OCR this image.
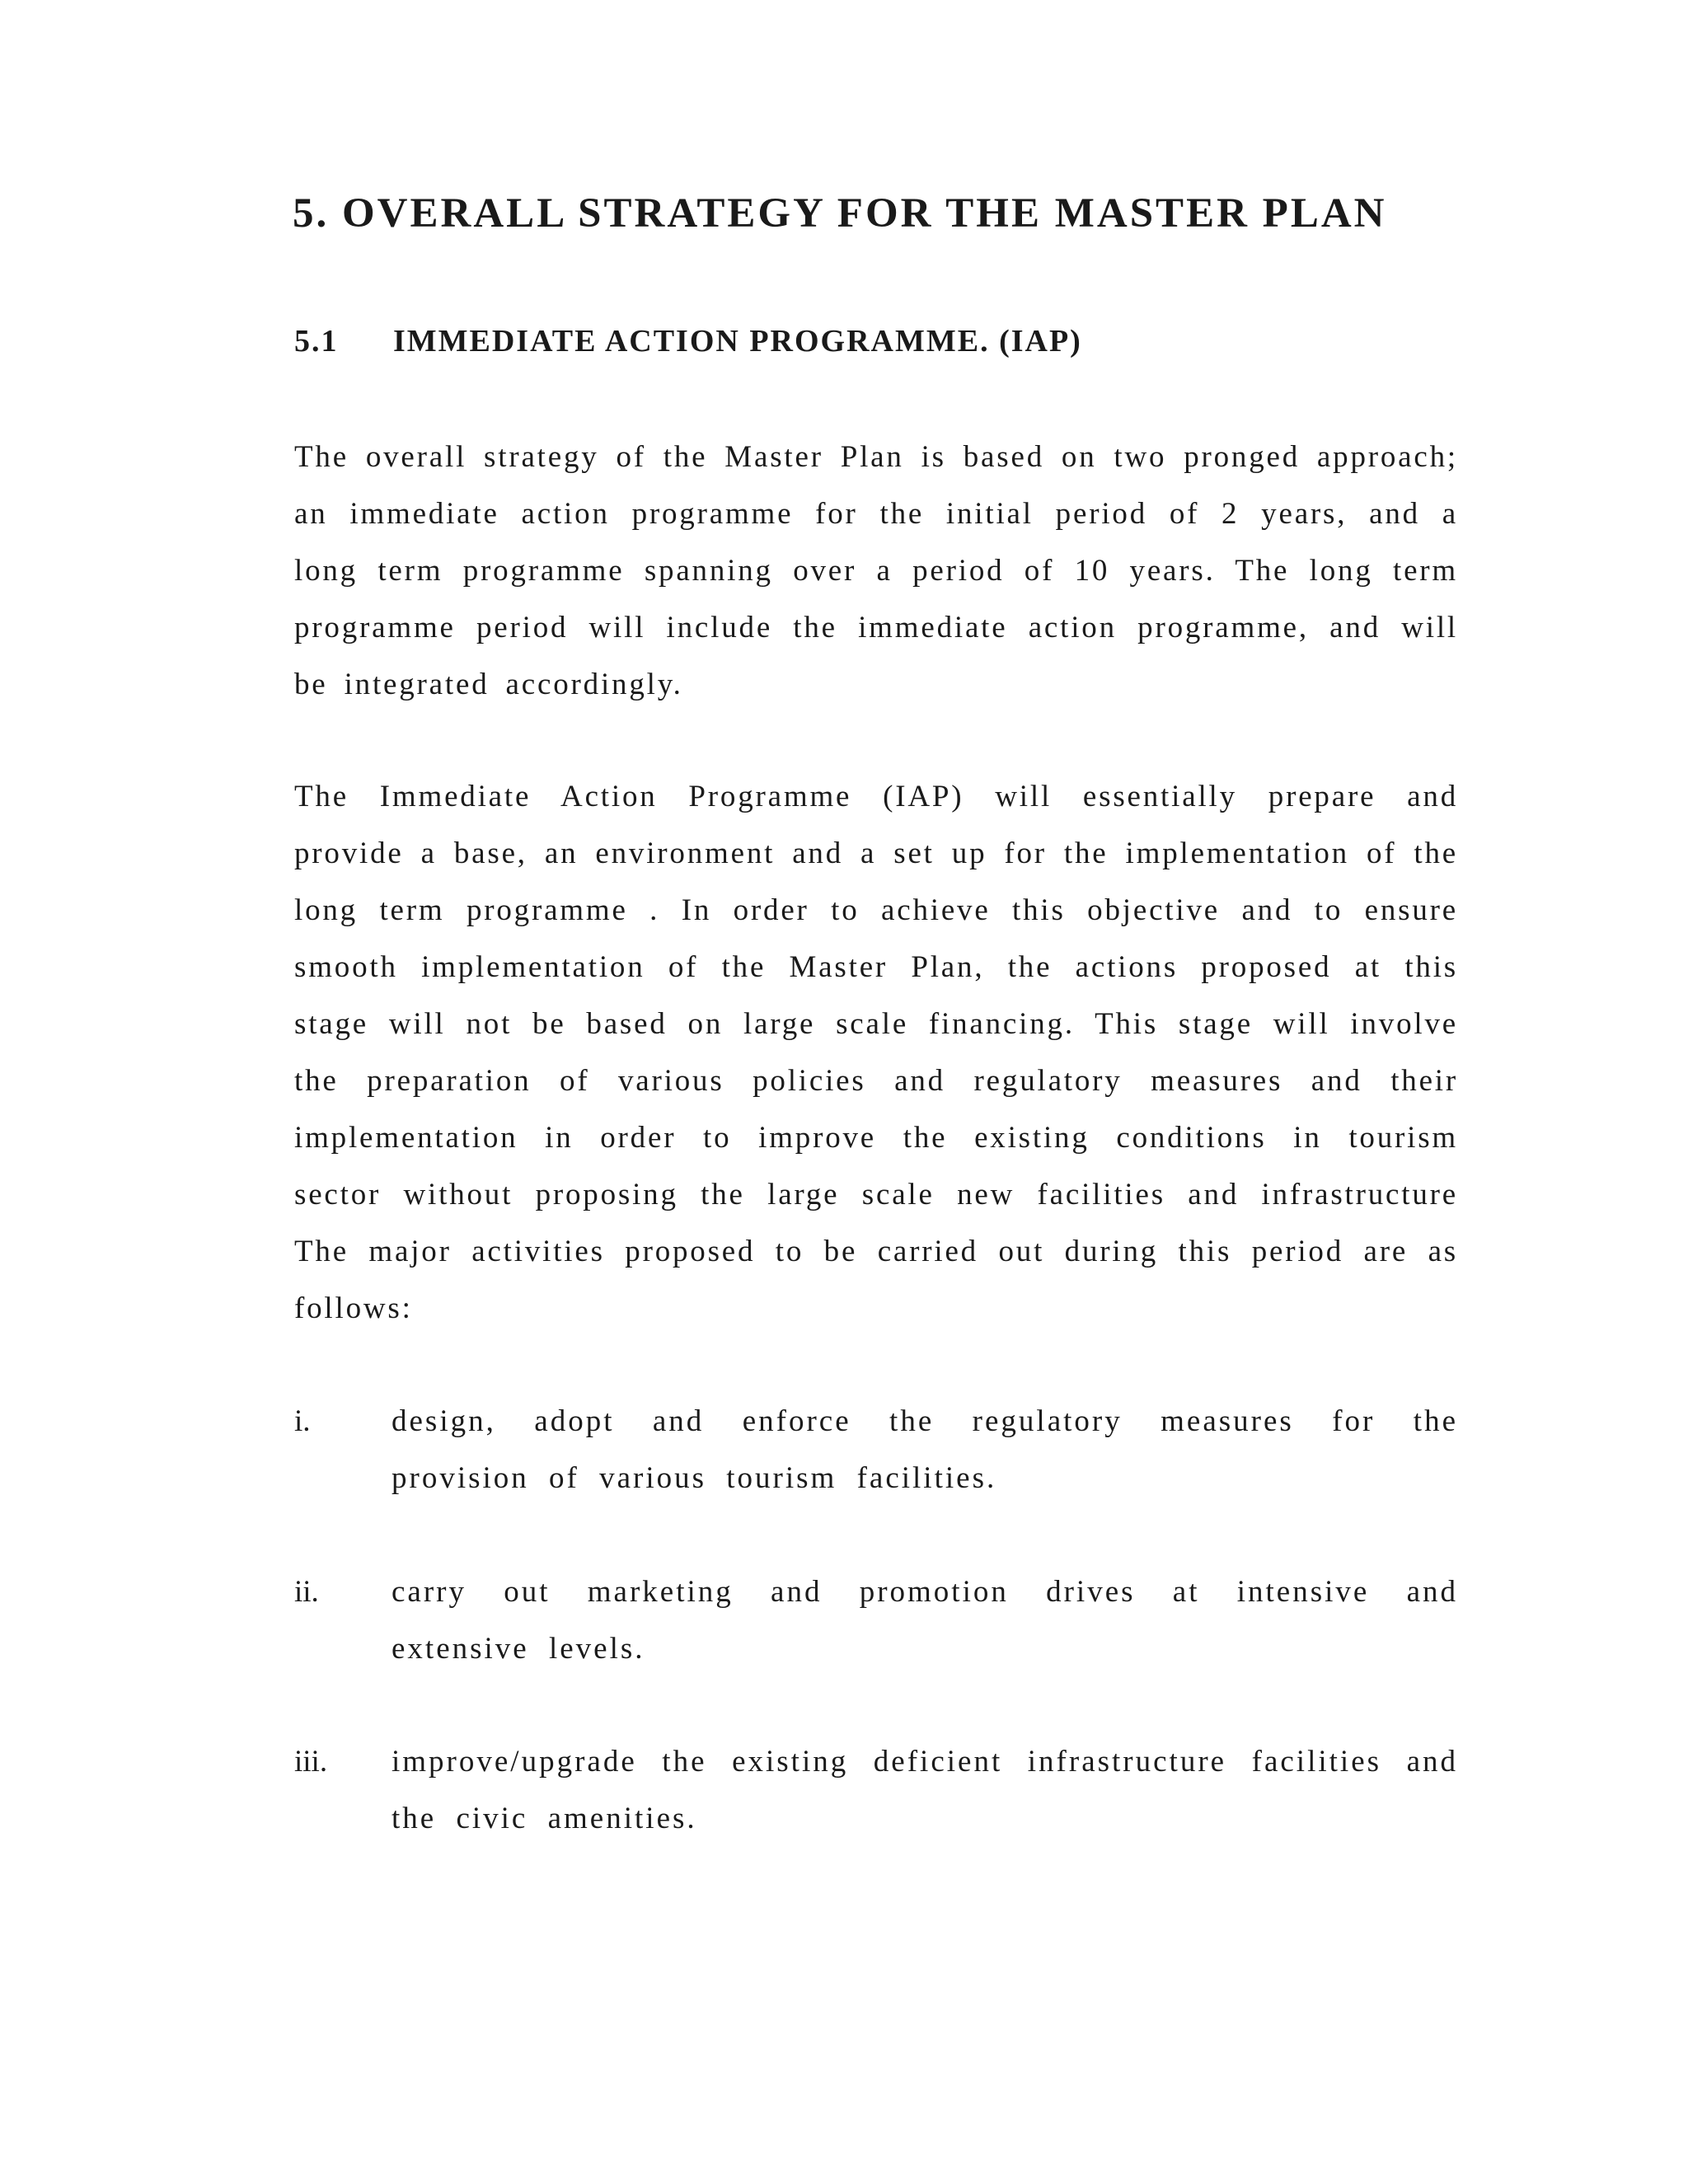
5. OVERALL STRATEGY FOR THE MASTER PLAN
5.1 IMMEDIATE ACTION PROGRAMME. (IAP)

The overall strategy of the Master Plan is based on two pronged approach; an immediate action programme for the initial period of 2 years, and a long term programme spanning over a period of 10 years. The long term programme period will include the immediate action programme, and will be integrated accordingly.

The Immediate Action Programme (IAP) will essentially prepare and provide a base, an environment and a set up for the implementation of the long term programme . In order to achieve this objective and to ensure smooth implementation of the Master Plan, the actions proposed at this stage will not be based on large scale financing. This stage will involve the preparation of various policies and regulatory measures and their implementation in order to improve the existing conditions in tourism sector without proposing the large scale new facilities and infrastructure The major activities proposed to be carried out during this period are as follows:

i.	design, adopt and enforce the regulatory measures for the provision of various tourism facilities.
ii. carry out marketing and promotion drives at intensive and extensive levels.
iii. improve/upgrade the existing deficient infrastructure facilities and the civic amenities.
